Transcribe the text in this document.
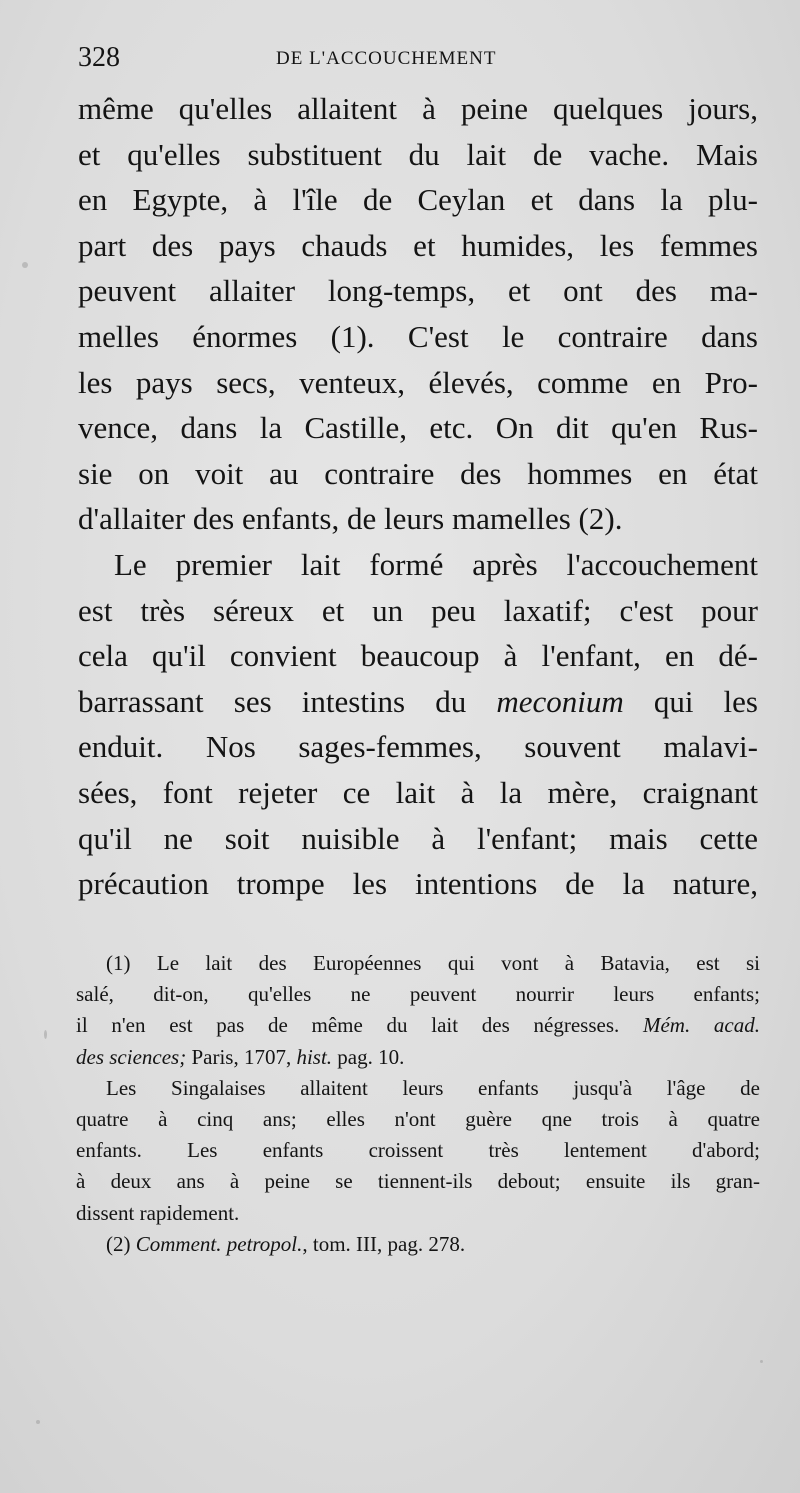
328	DE L'ACCOUCHEMENT
même qu'elles allaitent à peine quelques jours,
et qu'elles substituent du lait de vache. Mais
en Egypte, à l'île de Ceylan et dans la plu-
part des pays chauds et humides, les femmes
peuvent allaiter long-temps, et ont des ma-
melles énormes (1). C'est le contraire dans
les pays secs, venteux, élevés, comme en Pro-
vence, dans la Castille, etc. On dit qu'en Rus-
sie on voit au contraire des hommes en état
d'allaiter des enfants, de leurs mamelles (2).
Le premier lait formé après l'accouchement
est très séreux et un peu laxatif; c'est pour
cela qu'il convient beaucoup à l'enfant, en dé-
barrassant ses intestins du meconium qui les
enduit. Nos sages-femmes, souvent malavi-
sées, font rejeter ce lait à la mère, craignant
qu'il ne soit nuisible à l'enfant; mais cette
précaution trompe les intentions de la nature,
(1) Le lait des Européennes qui vont à Batavia, est si
salé, dit-on, qu'elles ne peuvent nourrir leurs enfants;
il n'en est pas de même du lait des négresses. Mém. acad.
des sciences; Paris, 1707, hist. pag. 10.
Les Singalaises allaitent leurs enfants jusqu'à l'âge de
quatre à cinq ans; elles n'ont guère qne trois à quatre
enfants. Les enfants croissent très lentement d'abord;
à deux ans à peine se tiennent-ils debout; ensuite ils gran-
dissent rapidement.
(2) Comment. petropol., tom. III, pag. 278.
